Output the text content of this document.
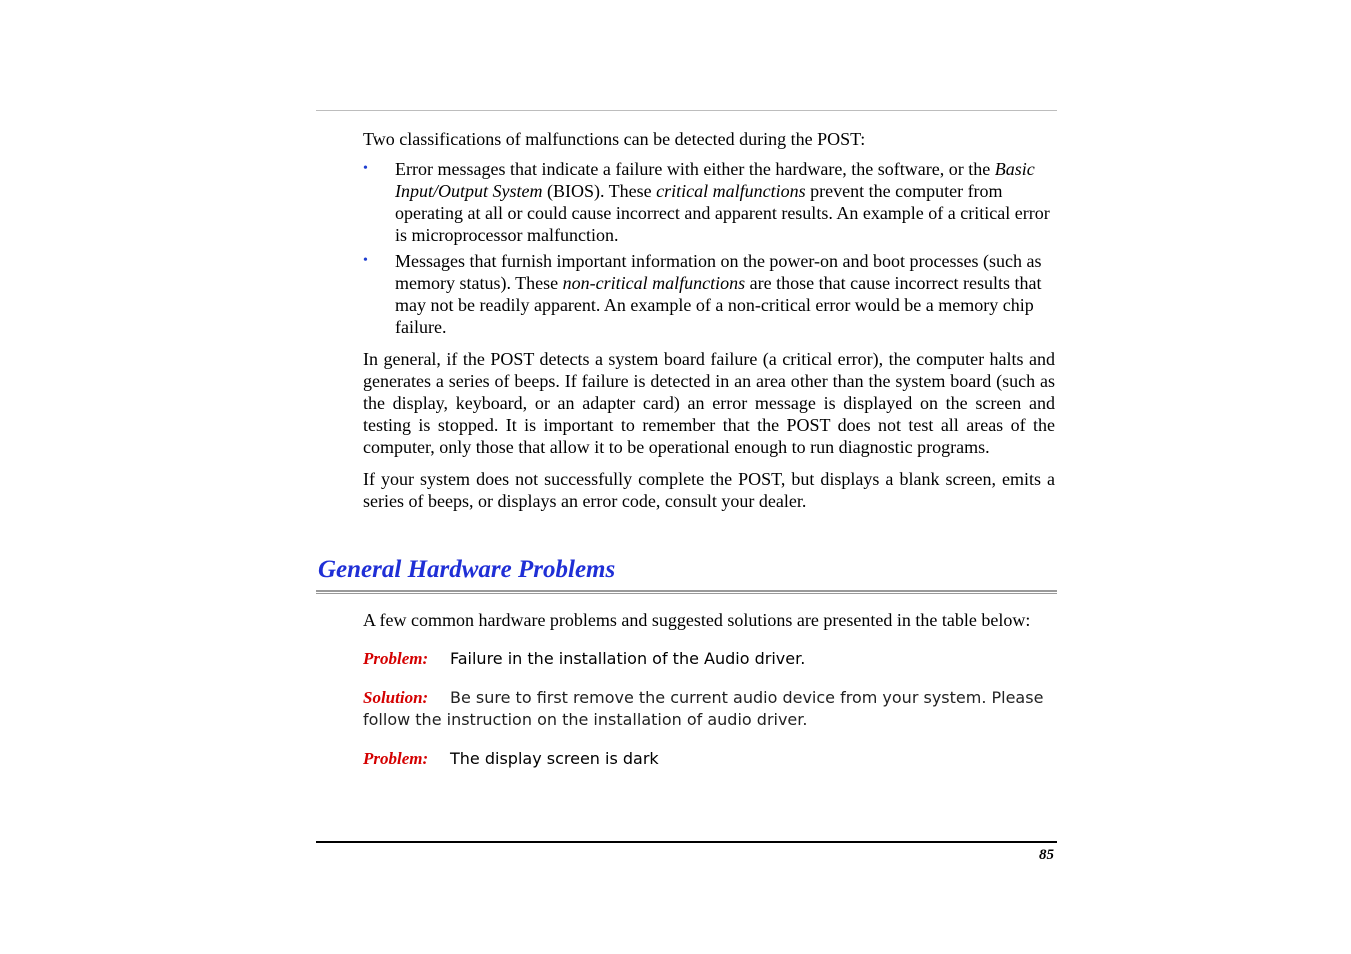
Two classifications of malfunctions can be detected during the POST:

• Error messages that indicate a failure with either the hardware, the software, or the Basic Input/Output System (BIOS). These critical malfunctions prevent the computer from operating at all or could cause incorrect and apparent results. An example of a critical error is microprocessor malfunction.
• Messages that furnish important information on the power-on and boot processes (such as memory status). These non-critical malfunctions are those that cause incorrect results that may not be readily apparent. An example of a non-critical error would be a memory chip failure.

In general, if the POST detects a system board failure (a critical error), the computer halts and generates a series of beeps. If failure is detected in an area other than the system board (such as the display, keyboard, or an adapter card) an error message is displayed on the screen and testing is stopped. It is important to remember that the POST does not test all areas of the computer, only those that allow it to be operational enough to run diagnostic programs.

If your system does not successfully complete the POST, but displays a blank screen, emits a series of beeps, or displays an error code, consult your dealer.

General Hardware Problems

A few common hardware problems and suggested solutions are presented in the table below:

Problem: Failure in the installation of the Audio driver.

Solution: Be sure to first remove the current audio device from your system. Please follow the instruction on the installation of audio driver.

Problem: The display screen is dark

85
